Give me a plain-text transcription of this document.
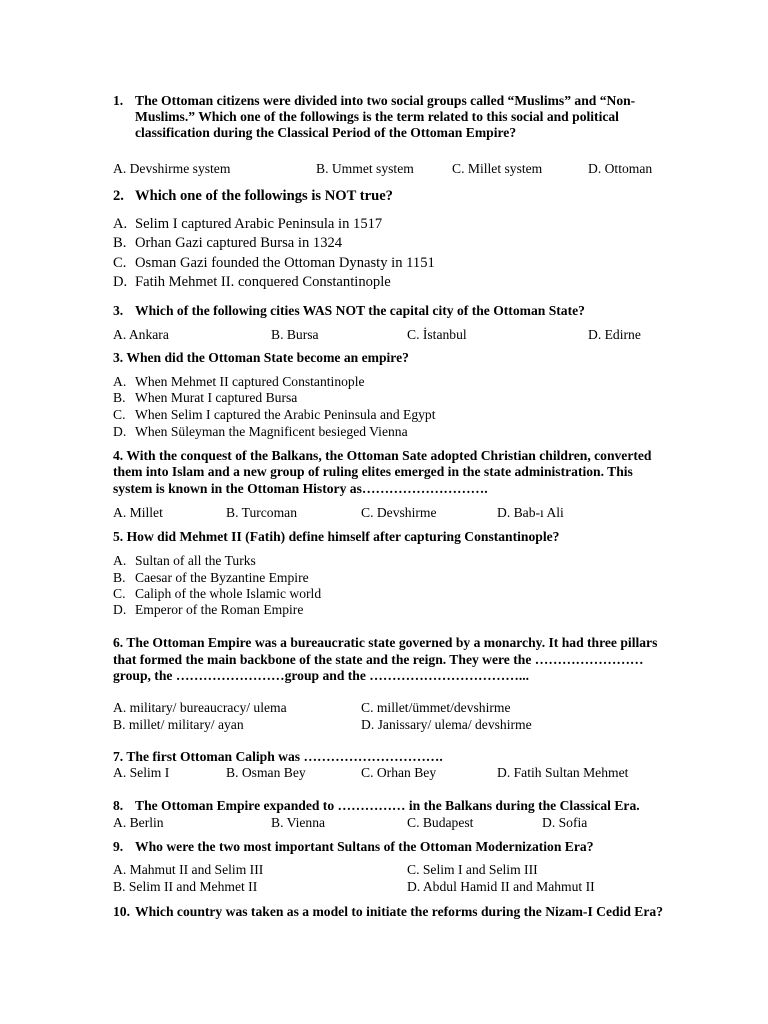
1. The Ottoman citizens were divided into two social groups called “Muslims” and “Non-Muslims.” Which one of the followings is the term related to this social and political classification during the Classical Period of the Ottoman Empire?
A. Devshirme system	B. Ummet system	C. Millet system	D. Ottoman
2. Which one of the followings is NOT true?
A. Selim I captured Arabic Peninsula in 1517
B. Orhan Gazi captured Bursa in 1324
C. Osman Gazi founded the Ottoman Dynasty in 1151
D. Fatih Mehmet II. conquered Constantinople
3. Which of the following cities WAS NOT the capital city of the Ottoman State?
A. Ankara	B. Bursa	C. İstanbul	D. Edirne
3. When did the Ottoman State become an empire?
A. When Mehmet II captured Constantinople
B. When Murat I captured Bursa
C. When Selim I captured the Arabic Peninsula and Egypt
D. When Süleyman the Magnificent besieged Vienna
4. With the conquest of the Balkans, the Ottoman Sate adopted Christian children, converted
them into Islam and a new group of ruling elites emerged in the state administration. This
system is known in the Ottoman History as……………………….
A. Millet	B. Turcoman	C. Devshirme	D. Bab-ı Ali
5. How did Mehmet II (Fatih) define himself after capturing Constantinople?
A. Sultan of all the Turks
B. Caesar of the Byzantine Empire
C. Caliph of the whole Islamic world
D. Emperor of the Roman Empire
6. The Ottoman Empire was a bureaucratic state governed by a monarchy. It had three pillars
that formed the main backbone of the state and the reign. They were the ……………………
group, the ……………………group and the ……………………………...
A. military/ bureaucracy/ ulema	C. millet/ümmet/devshirme
B. millet/ military/ ayan	D. Janissary/ ulema/ devshirme
7. The first Ottoman Caliph was ………………………….
A. Selim I	B. Osman Bey	C. Orhan Bey	D. Fatih Sultan Mehmet
8. The Ottoman Empire expanded to …………… in the Balkans during the Classical Era.
A. Berlin	B. Vienna	C. Budapest	D. Sofia
9. Who were the two most important Sultans of the Ottoman Modernization Era?
A. Mahmut II and Selim III	C. Selim I and Selim III
B. Selim II and Mehmet II	D. Abdul Hamid II and Mahmut II
10. Which country was taken as a model to initiate the reforms during the Nizam-I Cedid Era?
